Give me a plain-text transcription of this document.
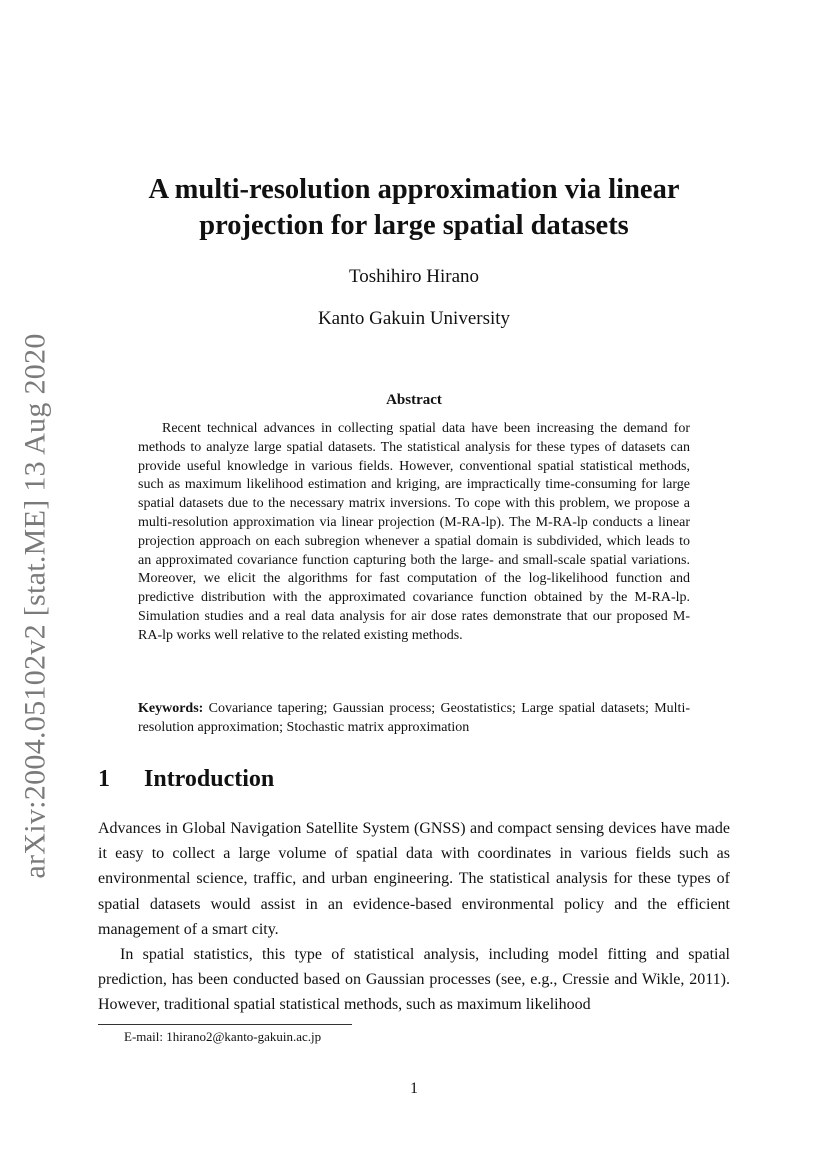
arXiv:2004.05102v2 [stat.ME] 13 Aug 2020
A multi-resolution approximation via linear
projection for large spatial datasets
Toshihiro Hirano
Kanto Gakuin University
Abstract
Recent technical advances in collecting spatial data have been increasing the demand for methods to analyze large spatial datasets. The statistical analysis for these types of datasets can provide useful knowledge in various fields. However, conventional spatial statistical methods, such as maximum likelihood estimation and kriging, are impractically time-consuming for large spatial datasets due to the necessary matrix inversions. To cope with this problem, we propose a multi-resolution approximation via linear projection (M-RA-lp). The M-RA-lp conducts a linear projection approach on each subregion whenever a spatial domain is subdivided, which leads to an approximated covariance function capturing both the large- and small-scale spatial variations. Moreover, we elicit the algorithms for fast computation of the log-likelihood function and predictive distribution with the approximated covariance function obtained by the M-RA-lp. Simulation studies and a real data analysis for air dose rates demonstrate that our proposed M-RA-lp works well relative to the related existing methods.
Keywords: Covariance tapering; Gaussian process; Geostatistics; Large spatial datasets; Multi-resolution approximation; Stochastic matrix approximation
1 Introduction
Advances in Global Navigation Satellite System (GNSS) and compact sensing devices have made it easy to collect a large volume of spatial data with coordinates in various fields such as environmental science, traffic, and urban engineering. The statistical analysis for these types of spatial datasets would assist in an evidence-based environmental policy and the efficient management of a smart city.
In spatial statistics, this type of statistical analysis, including model fitting and spatial prediction, has been conducted based on Gaussian processes (see, e.g., Cressie and Wikle, 2011). However, traditional spatial statistical methods, such as maximum likelihood
E-mail: 1hirano2@kanto-gakuin.ac.jp
1
